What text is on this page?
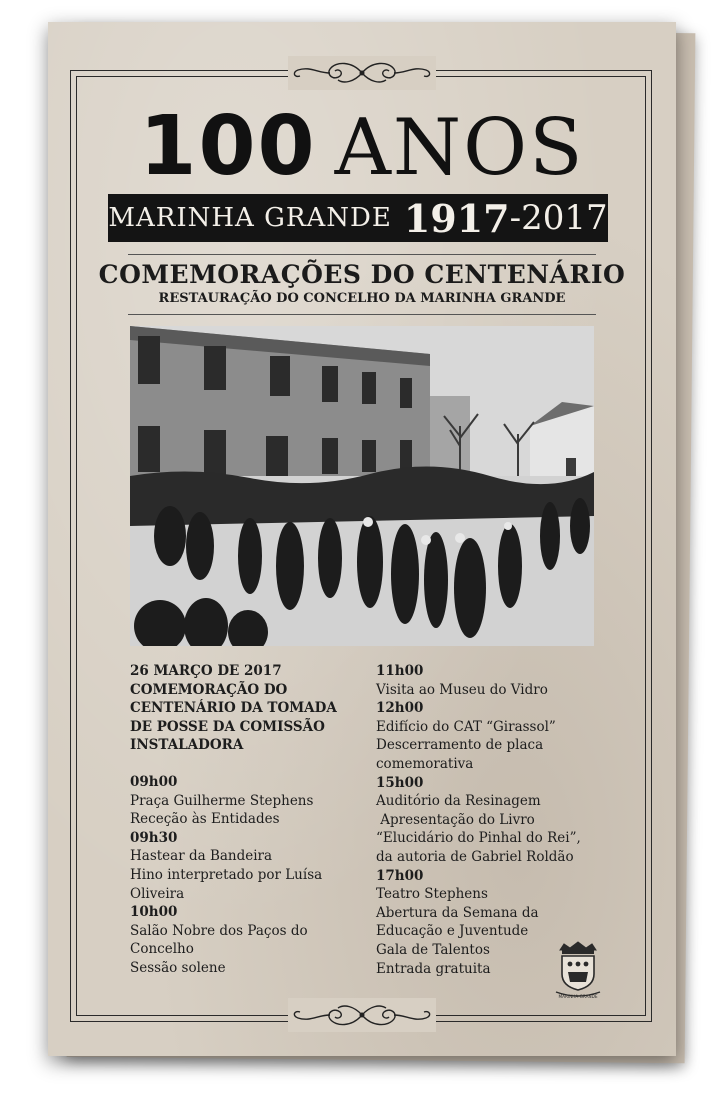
100 ANOS
MARINHA GRANDE 1917 - 2017
COMEMORAÇÕES DO CENTENÁRIO
RESTAURAÇÃO DO CONCELHO DA MARINHA GRANDE
26 MARÇO DE 2017
COMEMORAÇÃO DO
CENTENÁRIO DA TOMADA
DE POSSE DA COMISSÃO
INSTALADORA
09h00
Praça Guilherme Stephens
Receção às Entidades
09h30
Hastear da Bandeira
Hino interpretado por Luísa
Oliveira
10h00
Salão Nobre dos Paços do
Concelho
Sessão solene
11h00
Visita ao Museu do Vidro
12h00
Edifício do CAT “Girassol”
Descerramento de placa
comemorativa
15h00
Auditório da Resinagem
Apresentação do Livro
“Elucidário do Pinhal do Rei”,
da autoria de Gabriel Roldão
17h00
Teatro Stephens
Abertura da Semana da
Educação e Juventude
Gala de Talentos
Entrada gratuita
MARINHA GRANDE
